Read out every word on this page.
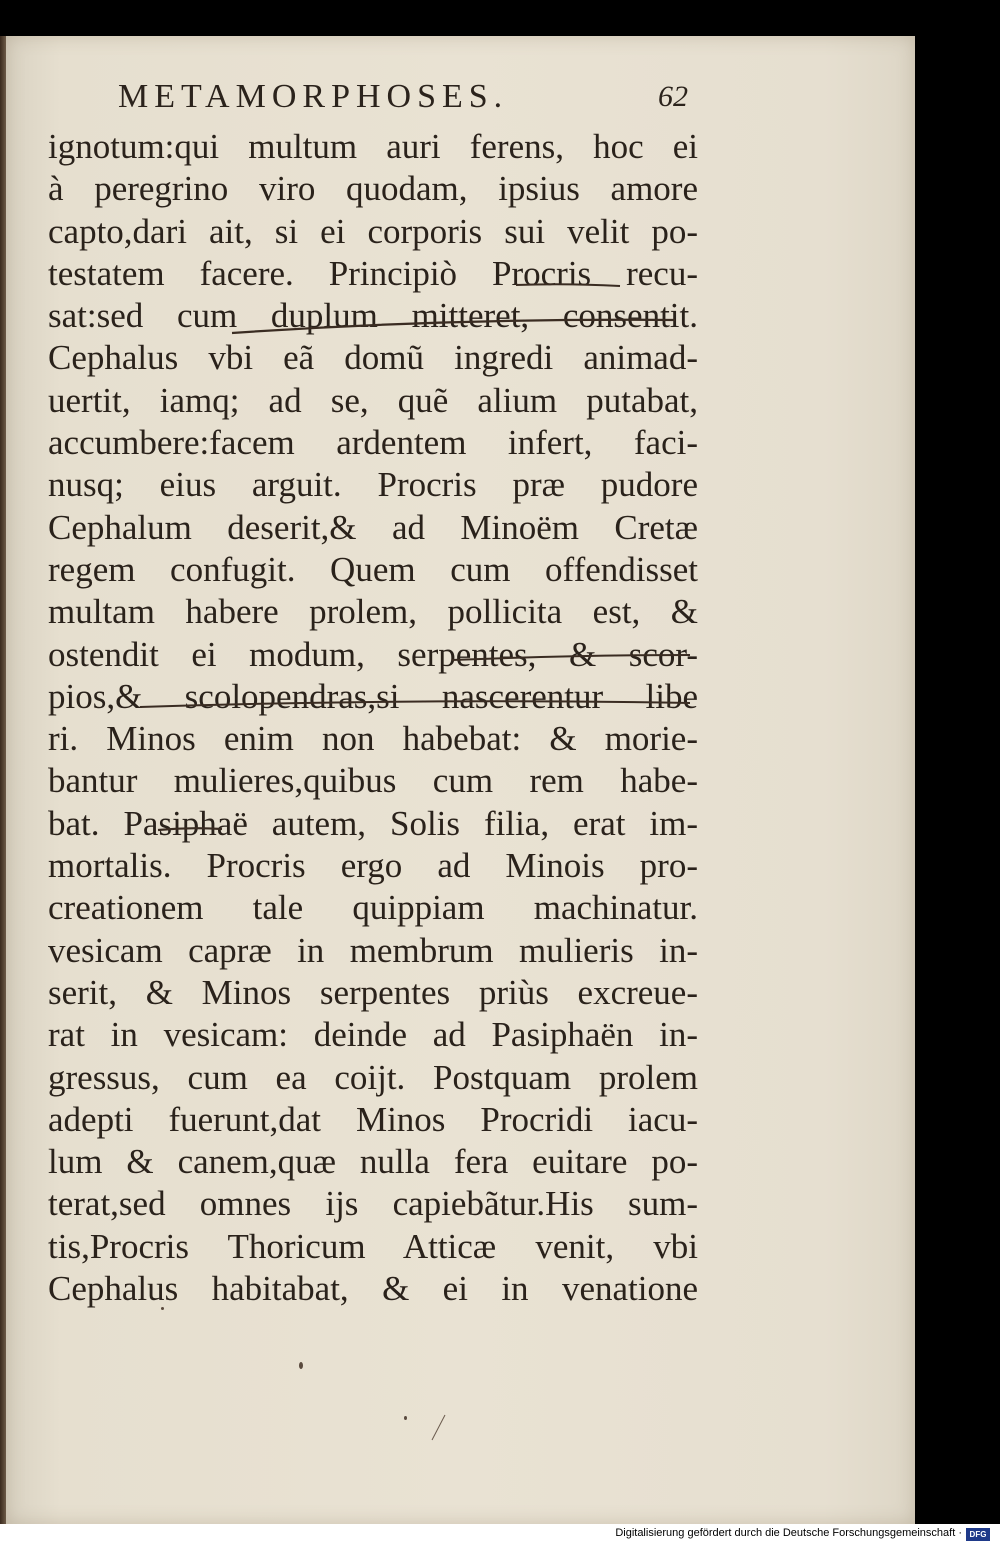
METAMORPHOSES.	62
ignotum:qui multum auri ferens, hoc ei
à peregrino viro quodam, ipsius amore
capto,dari ait, si ei corporis sui velit po-
testatem facere. Principiò Procris recu-
sat:sed cum duplum mitteret, consentit.
Cephalus vbi eã domũ ingredi animad-
uertit, iamq; ad se, quẽ alium putabat,
accumbere:facem ardentem infert, faci-
nusq; eius arguit. Procris præ pudore
Cephalum deserit,& ad Minoëm Cretæ
regem confugit. Quem cum offendisset
multam habere prolem, pollicita est, &
ostendit ei modum, serpentes, & scor-
pios,& scolopendras,si nascerentur libe
ri. Minos enim non habebat: & morie-
bantur mulieres,quibus cum rem habe-
bat. Pasiphaë autem, Solis filia, erat im-
mortalis. Procris ergo ad Minois pro-
creationem tale quippiam machinatur.
vesicam capræ in membrum mulieris in-
serit, & Minos serpentes priùs excreue-
rat in vesicam: deinde ad Pasiphaën in-
gressus, cum ea coijt. Postquam prolem
adepti fuerunt,dat Minos Procridi iacu-
lum & canem,quæ nulla fera euitare po-
terat,sed omnes ijs capiebãtur.His sum-
tis,Procris Thoricum Atticæ venit, vbi
Cephalus habitabat, & ei in venatione
Digitalisierung gefördert durch die Deutsche Forschungsgemeinschaft · DFG
